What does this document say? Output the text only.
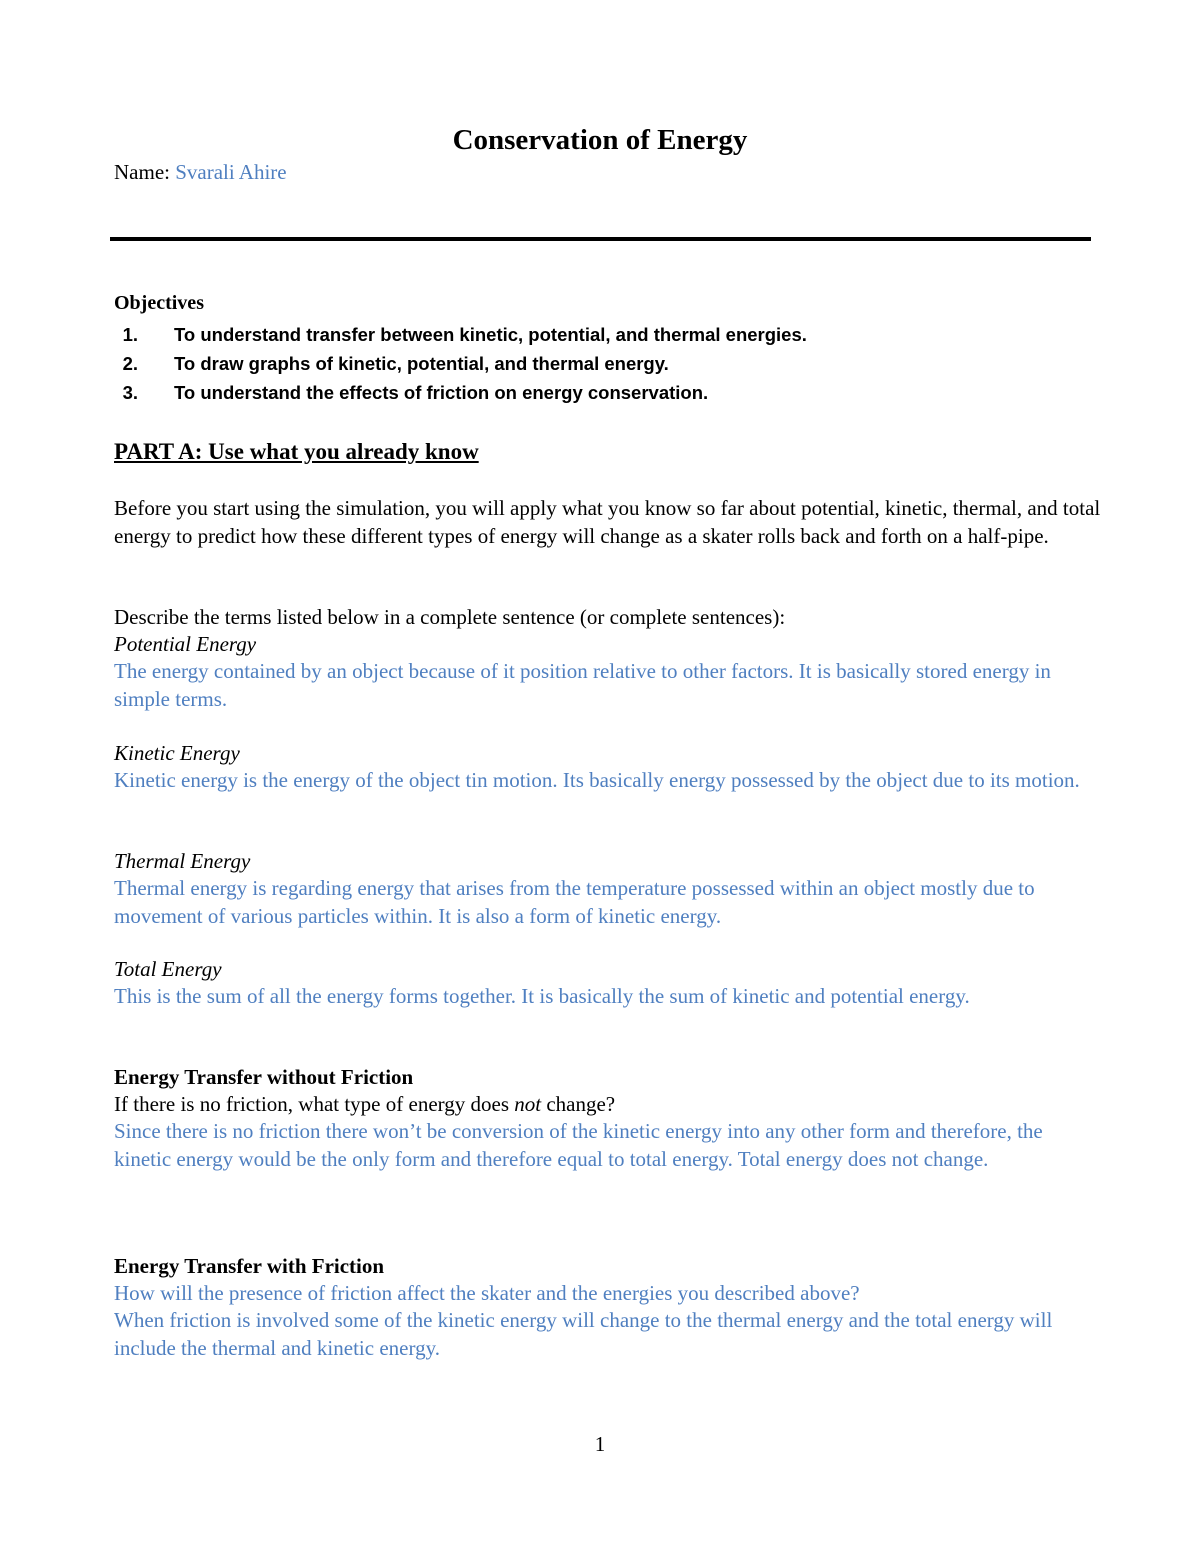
Conservation of Energy
Name: Svarali Ahire
Objectives
1. To understand transfer between kinetic, potential, and thermal energies.
2. To draw graphs of kinetic, potential, and thermal energy.
3. To understand the effects of friction on energy conservation.
PART A: Use what you already know

Before you start using the simulation, you will apply what you know so far about potential, kinetic, thermal, and total energy to predict how these different types of energy will change as a skater rolls back and forth on a half-pipe.

Describe the terms listed below in a complete sentence (or complete sentences):

Potential Energy

The energy contained by an object because of it position relative to other factors. It is basically stored energy in simple terms.

Kinetic Energy

Kinetic energy is the energy of the object tin motion. Its basically energy possessed by the object due to its motion.

Thermal Energy

Thermal energy is regarding energy that arises from the temperature possessed within an object mostly due to movement of various particles within. It is also a form of kinetic energy.

Total Energy

This is the sum of all the energy forms together. It is basically the sum of kinetic and potential energy.

Energy Transfer without Friction

If there is no friction, what type of energy does not change?

Since there is no friction there won’t be conversion of the kinetic energy into any other form and therefore, the kinetic energy would be the only form and therefore equal to total energy. Total energy does not change.

Energy Transfer with Friction

How will the presence of friction affect the skater and the energies you described above?

When friction is involved some of the kinetic energy will change to the thermal energy and the total energy will include the thermal and kinetic energy.

1
